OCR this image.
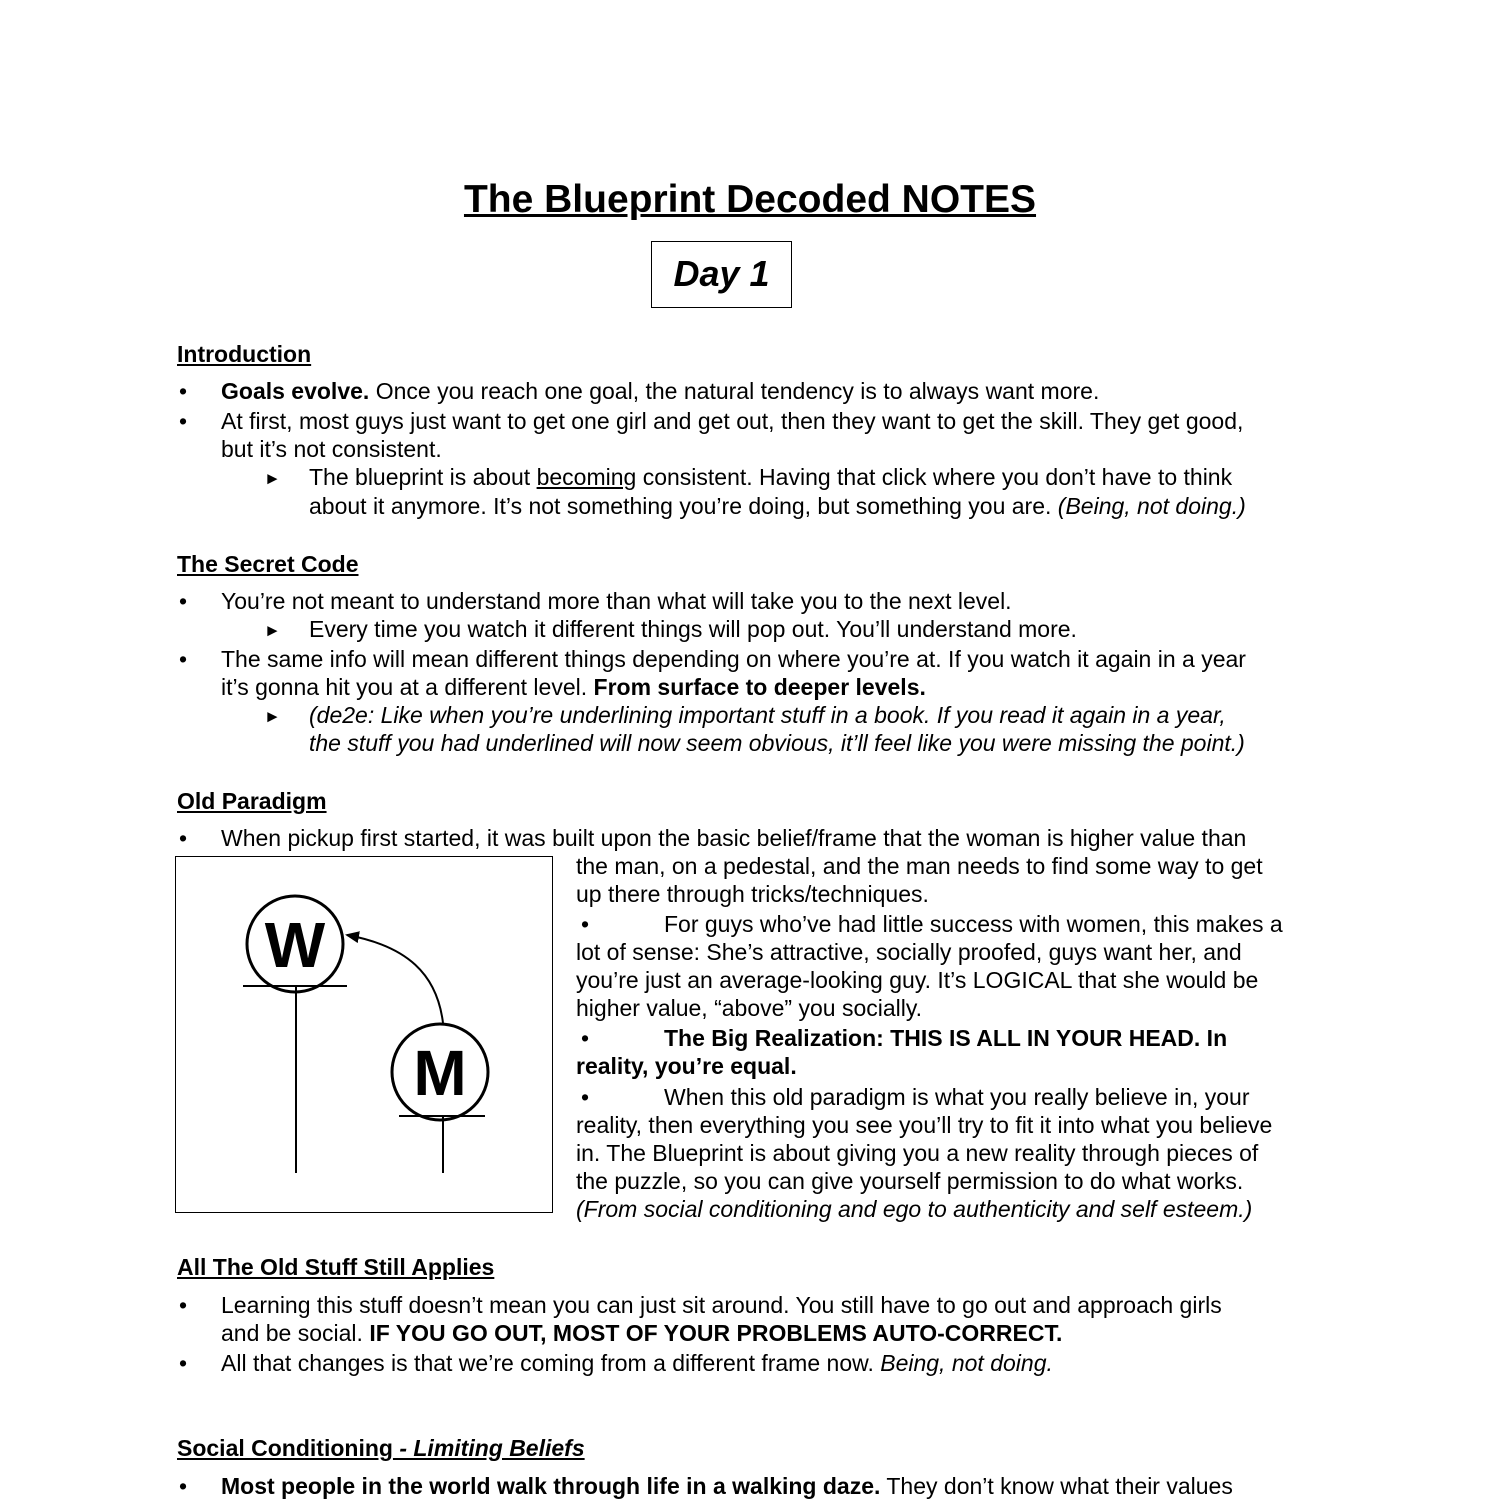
The Blueprint Decoded NOTES
Day 1
Introduction
• Goals evolve. Once you reach one goal, the natural tendency is to always want more.
• At first, most guys just want to get one girl and get out, then they want to get the skill. They get good,
but it’s not consistent.
► The blueprint is about becoming consistent. Having that click where you don’t have to think
about it anymore. It’s not something you’re doing, but something you are. (Being, not doing.)
The Secret Code
• You’re not meant to understand more than what will take you to the next level.
► Every time you watch it different things will pop out. You’ll understand more.
• The same info will mean different things depending on where you’re at. If you watch it again in a year
it’s gonna hit you at a different level. From surface to deeper levels.
► (de2e: Like when you’re underlining important stuff in a book. If you read it again in a year,
the stuff you had underlined will now seem obvious, it’ll feel like you were missing the point.)
Old Paradigm
• When pickup first started, it was built upon the basic belief/frame that the woman is higher value than
the man, on a pedestal, and the man needs to find some way to get
up there through tricks/techniques.
•	For guys who’ve had little success with women, this makes a
lot of sense: She’s attractive, socially proofed, guys want her, and
you’re just an average-looking guy. It’s LOGICAL that she would be
higher value, “above” you socially.
•	The Big Realization: THIS IS ALL IN YOUR HEAD. In
reality, you’re equal.
•	When this old paradigm is what you really believe in, your
reality, then everything you see you’ll try to fit it into what you believe
in. The Blueprint is about giving you a new reality through pieces of
the puzzle, so you can give yourself permission to do what works.
(From social conditioning and ego to authenticity and self esteem.)
W
M
All The Old Stuff Still Applies
• Learning this stuff doesn’t mean you can just sit around. You still have to go out and approach girls
and be social. IF YOU GO OUT, MOST OF YOUR PROBLEMS AUTO-CORRECT.
• All that changes is that we’re coming from a different frame now. Being, not doing.
Social Conditioning - Limiting Beliefs
• Most people in the world walk through life in a walking daze. They don’t know what their values
